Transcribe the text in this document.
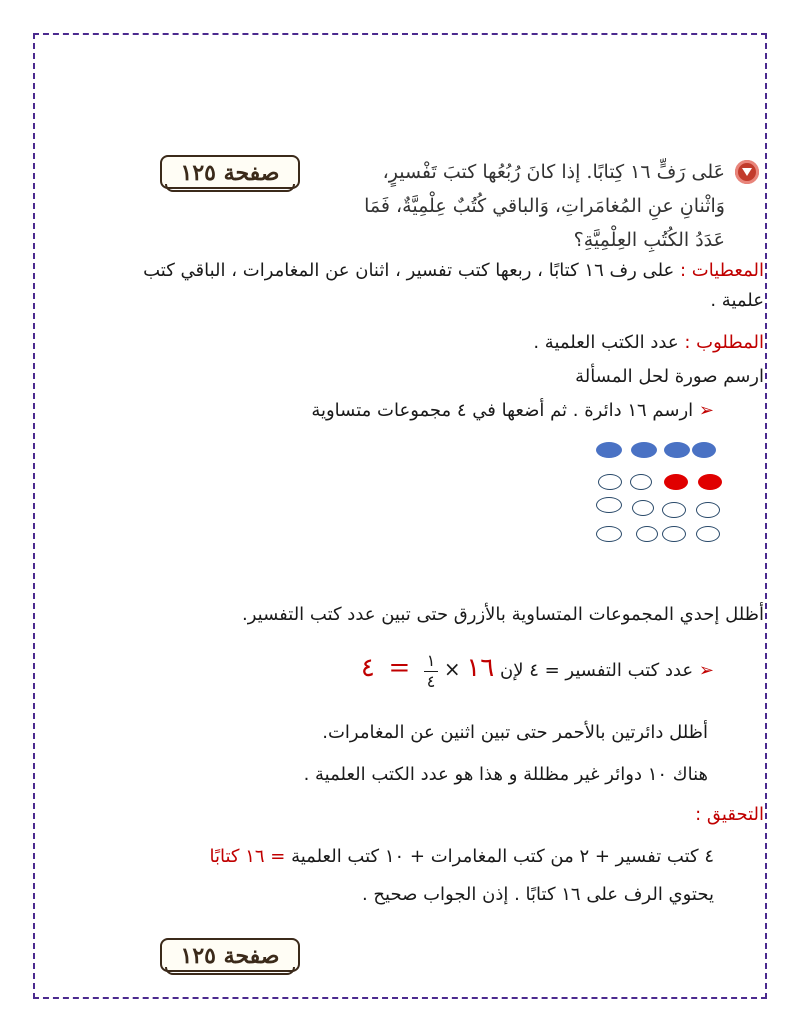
صفحة ١٢٥	عَلى رَفٍّ ١٦ كِتابًا. إذا كانَ رُبُعُها كتبَ تَفْسيرٍ،
وَاثْنانِ عنِ المُغامَراتِ، وَالباقي كُتُبٌ عِلْمِيَّةٌ، فَمَا
عَدَدُ الكُتُبِ العِلْمِيَّةِ؟
المعطيات : على رف ١٦ كتابًا ، ربعها كتب تفسير ، اثنان عن المغامرات ، الباقي كتب
علمية .
المطلوب : عدد الكتب العلمية .
ارسم صورة لحل المسألة
➢ ارسم ١٦ دائرة . ثم أضعها في ٤ مجموعات متساوية
أظلل إحدي المجموعات المتساوية بالأزرق حتى تبين عدد كتب التفسير.
➢ عدد كتب التفسير = ٤ لإن ١٦ × $\frac{١}{٤}$ = ٤
أظلل دائرتين بالأحمر حتى تبين اثنين عن المغامرات.
هناك ١٠ دوائر غير مظللة و هذا هو عدد الكتب العلمية .
التحقيق :
٤ كتب تفسير + ٢ من كتب المغامرات + ١٠ كتب العلمية = ١٦ كتابًا
يحتوي الرف على ١٦ كتابًا . إذن الجواب صحيح .
صفحة ١٢٥
